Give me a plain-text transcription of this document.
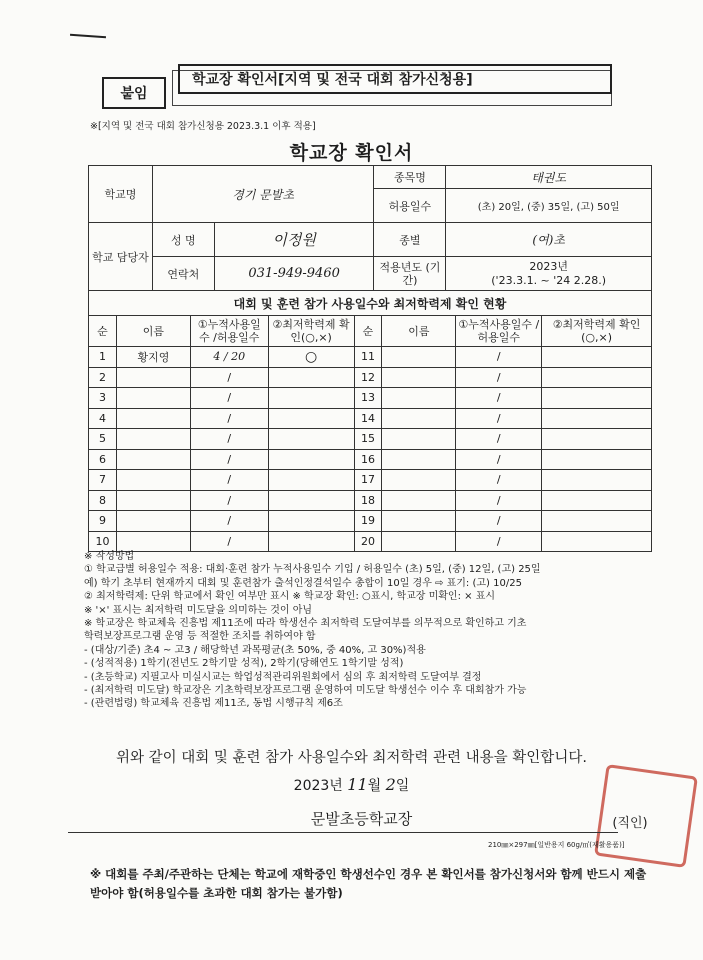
붙임
학교장 확인서[지역 및 전국 대회 참가신청용]
※[지역 및 전국 대회 참가신청용 2023.3.1 이후 적용]
학교장 확인서
학교명	경기 문발초		종목명	태권도
			허용일수	(초) 20일, (중) 35일, (고) 50일
학교 담당자	성 명	이정원	종별	(여)초
	연락처	031-949-9460	적용년도 (기간)	2023년
('23.3.1. ~ '24 2.28.)
대회 및 훈련 참가 사용일수와 최저학력제 확인 현황							
순	이름	①누적사용일수 /허용일수	②최저학력제 확인(○,×)	순	이름	①누적사용일수 /허용일수	②최저학력제 확인(○,×)
1	황지영	4 / 20	○	11		/	
2		/		12		/	
3		/		13		/	
4		/		14		/	
5		/		15		/	
6		/		16		/	
7		/		17		/	
8		/		18		/	
9		/		19		/	
10		/		20		/	
※ 작성방법
① 학교급별 허용일수 적용: 대회·훈련 참가 누적사용일수 기입 / 허용일수 (초) 5일, (중) 12일, (고) 25일
예) 학기 초부터 현재까지 대회 및 훈련참가 출석인정결석일수 총합이 10일 경우 ⇨ 표기: (고) 10/25
② 최저학력제: 단위 학교에서 확인 여부만 표시 ※ 학교장 확인: ○표시, 학교장 미확인: × 표시
※ '×' 표시는 최저학력 미도달을 의미하는 것이 아님
※ 학교장은 학교체육 진흥법 제11조에 따라 학생선수 최저학력 도달여부를 의무적으로 확인하고 기초
학력보장프로그램 운영 등 적절한 조치를 취하여야 함
- (대상/기준) 초4 ~ 고3 / 해당학년 과목평균(초 50%, 중 40%, 고 30%)적용
- (성적적용) 1학기(전년도 2학기말 성적), 2학기(당해연도 1학기말 성적)
- (초등학교) 지필고사 미실시교는 학업성적관리위원회에서 심의 후 최저학력 도달여부 결정
- (최저학력 미도달) 학교장은 기초학력보장프로그램 운영하여 미도달 학생선수 이수 후 대회참가 가능
- (관련법령) 학교체육 진흥법 제11조, 동법 시행규칙 제6조
위와 같이 대회 및 훈련 참가 사용일수와 최저학력 관련 내용을 확인합니다.
2023년 11월 2일
문발초등학교장	(직인)
210㎜×297㎜[일반용지 60g/㎡(재활용품)]
※ 대회를 주최/주관하는 단체는 학교에 재학중인 학생선수인 경우 본 확인서를 참가신청서와 함께 반드시 제출받아야 함(허용일수를 초과한 대회 참가는 불가함)
